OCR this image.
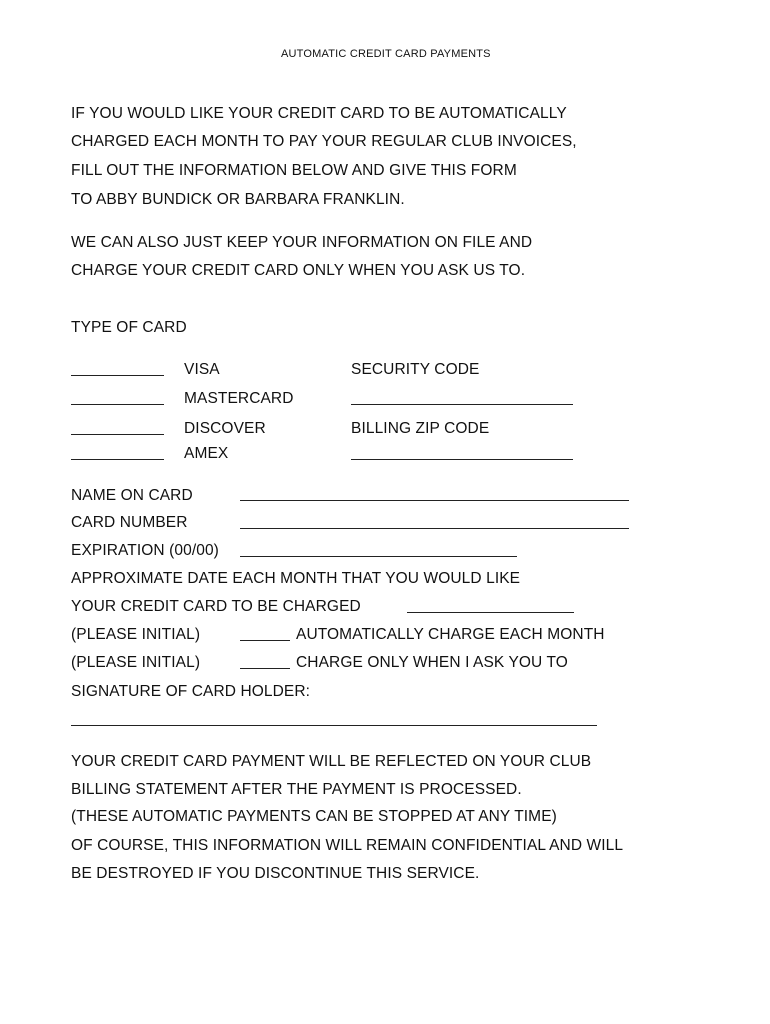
AUTOMATIC CREDIT CARD PAYMENTS
IF YOU WOULD LIKE YOUR CREDIT CARD TO BE AUTOMATICALLY
CHARGED EACH MONTH TO PAY YOUR REGULAR CLUB INVOICES,
FILL OUT THE INFORMATION BELOW AND GIVE THIS FORM
TO ABBY BUNDICK OR BARBARA FRANKLIN.
WE CAN ALSO JUST KEEP YOUR INFORMATION ON FILE AND
CHARGE YOUR CREDIT CARD ONLY WHEN YOU ASK US TO.
TYPE OF CARD
VISA
MASTERCARD
DISCOVER
AMEX
SECURITY CODE
BILLING ZIP CODE
NAME ON CARD
CARD NUMBER
EXPIRATION (00/00)
APPROXIMATE DATE EACH MONTH THAT YOU WOULD LIKE
YOUR CREDIT CARD TO BE CHARGED
(PLEASE INITIAL)	AUTOMATICALLY CHARGE EACH MONTH
(PLEASE INITIAL)	CHARGE ONLY WHEN I ASK YOU TO
SIGNATURE OF CARD HOLDER:
YOUR CREDIT CARD PAYMENT WILL BE REFLECTED ON YOUR CLUB
BILLING STATEMENT AFTER THE PAYMENT IS PROCESSED.
(THESE AUTOMATIC PAYMENTS CAN BE STOPPED AT ANY TIME)
OF COURSE, THIS INFORMATION WILL REMAIN CONFIDENTIAL AND WILL
BE DESTROYED IF YOU DISCONTINUE THIS SERVICE.
